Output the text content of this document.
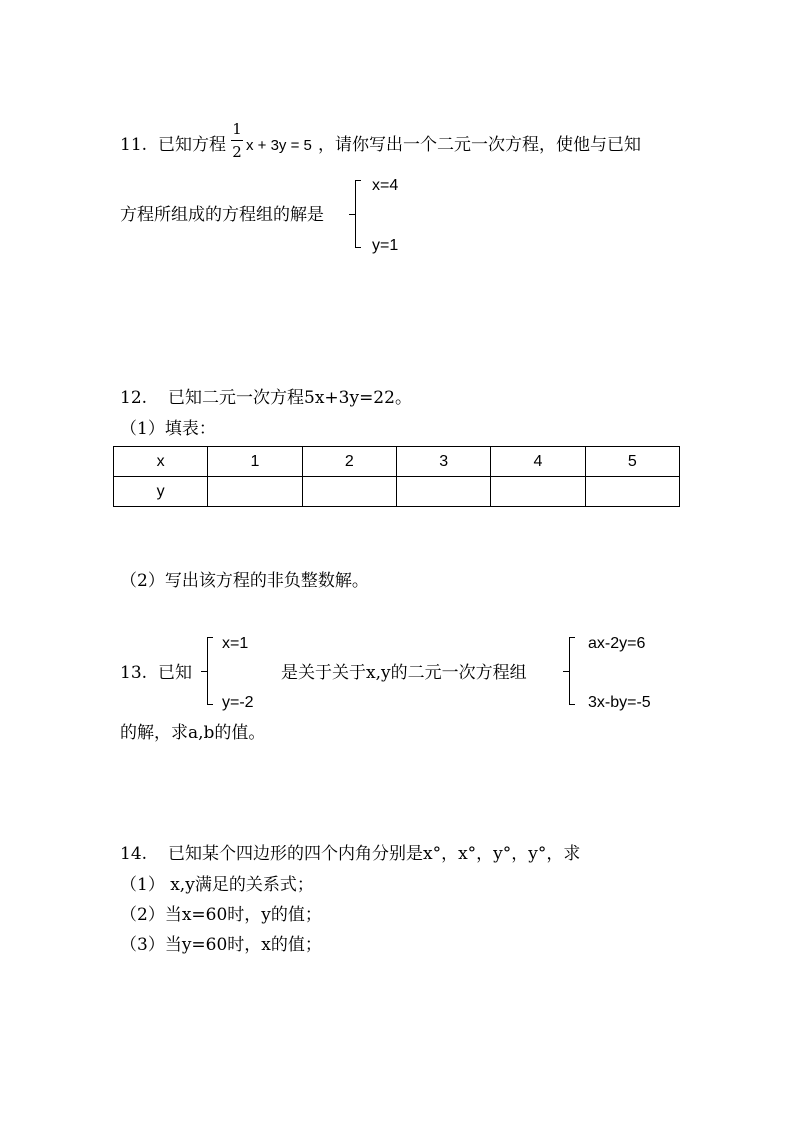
11. 已知方程
1
2 x + 3y = 5 ，请你写出一个二元一次方程，使他与已知
方程所组成的方程组的解是
x=4
y=1
12. 已知二元一次方程5x+3y=22。
（1）填表：
x	1	2	3	4	5
y					
（2）写出该方程的非负整数解。
13. 已知
x=1
y=-2
是关于关于x,y的二元一次方程组
ax-2y=6
3x-by=-5
的解，求a,b的值。
14. 已知某个四边形的四个内角分别是x°，x°，y°，y°，求
（1） x,y满足的关系式；
（2）当x=60时，y的值；
（3）当y=60时，x的值；
